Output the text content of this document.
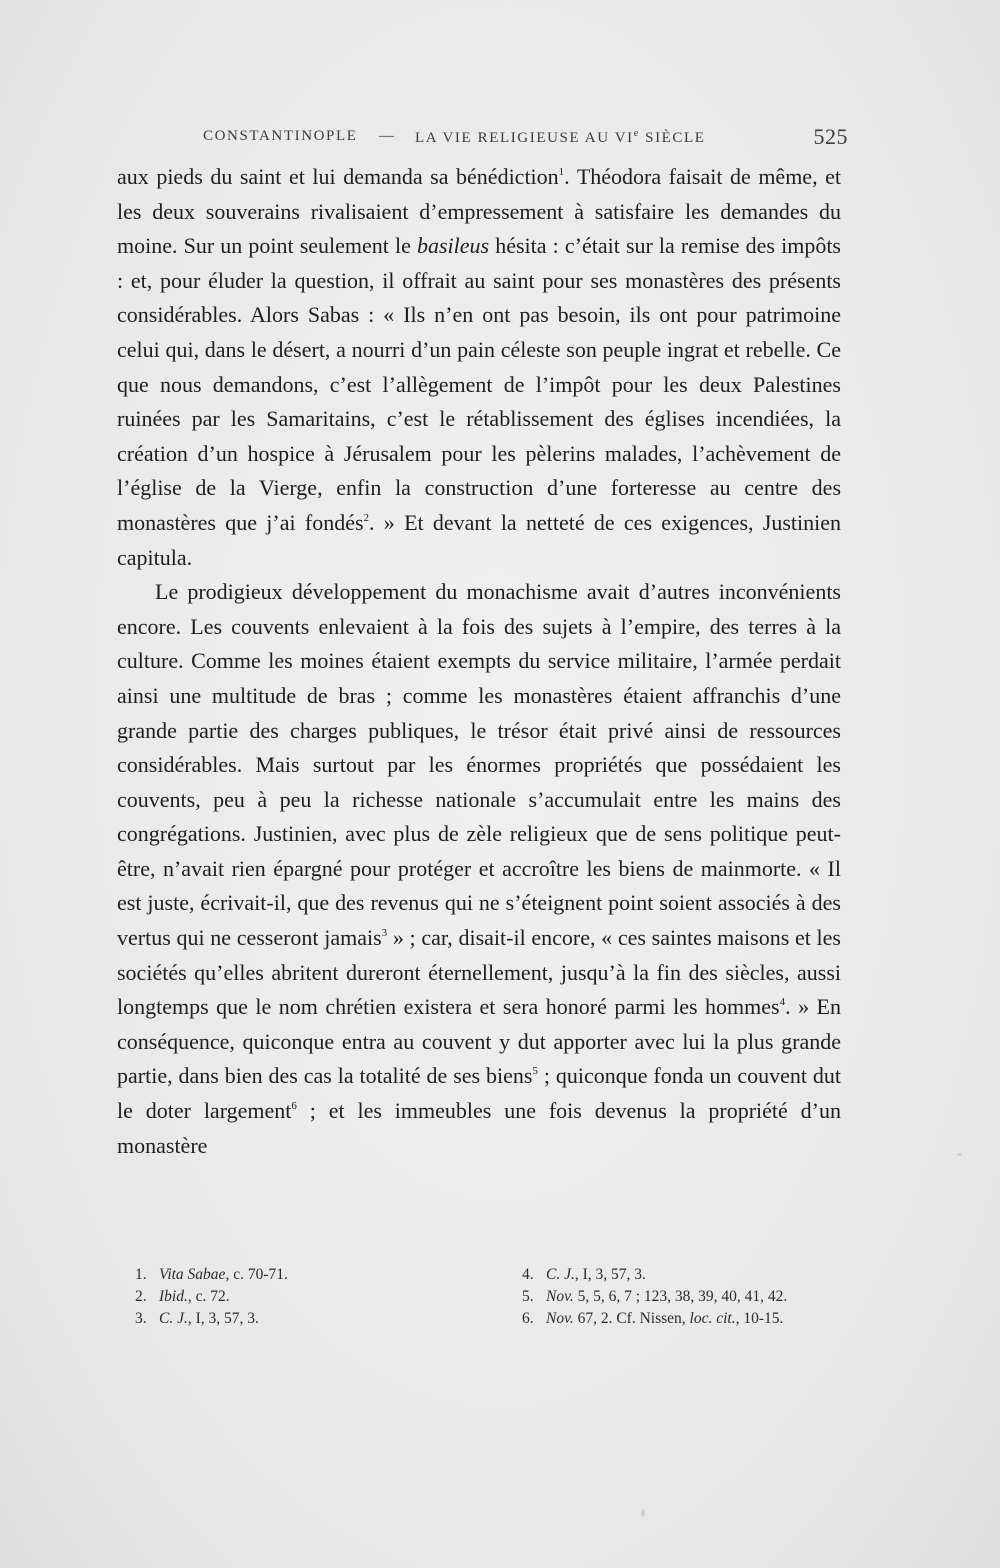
CONSTANTINOPLE — LA VIE RELIGIEUSE AU VIe SIÈCLE	525

aux pieds du saint et lui demanda sa bénédiction$^1$. Théodora faisait de même, et les deux souverains rivalisaient d’empressement à satisfaire les demandes du moine. Sur un point seulement le basileus hésita : c’était sur la remise des impôts : et, pour éluder la question, il offrait au saint pour ses monastères des présents considérables. Alors Sabas : « Ils n’en ont pas besoin, ils ont pour patrimoine celui qui, dans le désert, a nourri d’un pain céleste son peuple ingrat et rebelle. Ce que nous demandons, c’est l’allègement de l’impôt pour les deux Palestines ruinées par les Samaritains, c’est le rétablissement des églises incendiées, la création d’un hospice à Jérusalem pour les pèlerins malades, l’achèvement de l’église de la Vierge, enfin la construction d’une forteresse au centre des monastères que j’ai fondés$^2$. » Et devant la netteté de ces exigences, Justinien capitula.

Le prodigieux développement du monachisme avait d’autres inconvénients encore. Les couvents enlevaient à la fois des sujets à l’empire, des terres à la culture. Comme les moines étaient exempts du service militaire, l’armée perdait ainsi une multitude de bras ; comme les monastères étaient affranchis d’une grande partie des charges publiques, le trésor était privé ainsi de ressources considérables. Mais surtout par les énormes propriétés que possédaient les couvents, peu à peu la richesse nationale s’accumulait entre les mains des congrégations. Justinien, avec plus de zèle religieux que de sens politique peut-être, n’avait rien épargné pour protéger et accroître les biens de mainmorte. « Il est juste, écrivait-il, que des revenus qui ne s’éteignent point soient associés à des vertus qui ne cesseront jamais$^3$ » ; car, disait-il encore, « ces saintes maisons et les sociétés qu’elles abritent dureront éternellement, jusqu’à la fin des siècles, aussi longtemps que le nom chrétien existera et sera honoré parmi les hommes$^4$. » En conséquence, quiconque entra au couvent y dut apporter avec lui la plus grande partie, dans bien des cas la totalité de ses biens$^5$ ; quiconque fonda un couvent dut le doter largement$^6$ ; et les immeubles une fois devenus la propriété d’un monastère

1. Vita Sabae, c. 70-71.
2. Ibid., c. 72.
3. C. J., I, 3, 57, 3.
4. C. J., I, 3, 57, 3.
5. Nov. 5, 5, 6, 7 ; 123, 38, 39, 40, 41, 42.
6. Nov. 67, 2. Cf. Nissen, loc. cit., 10-15.
